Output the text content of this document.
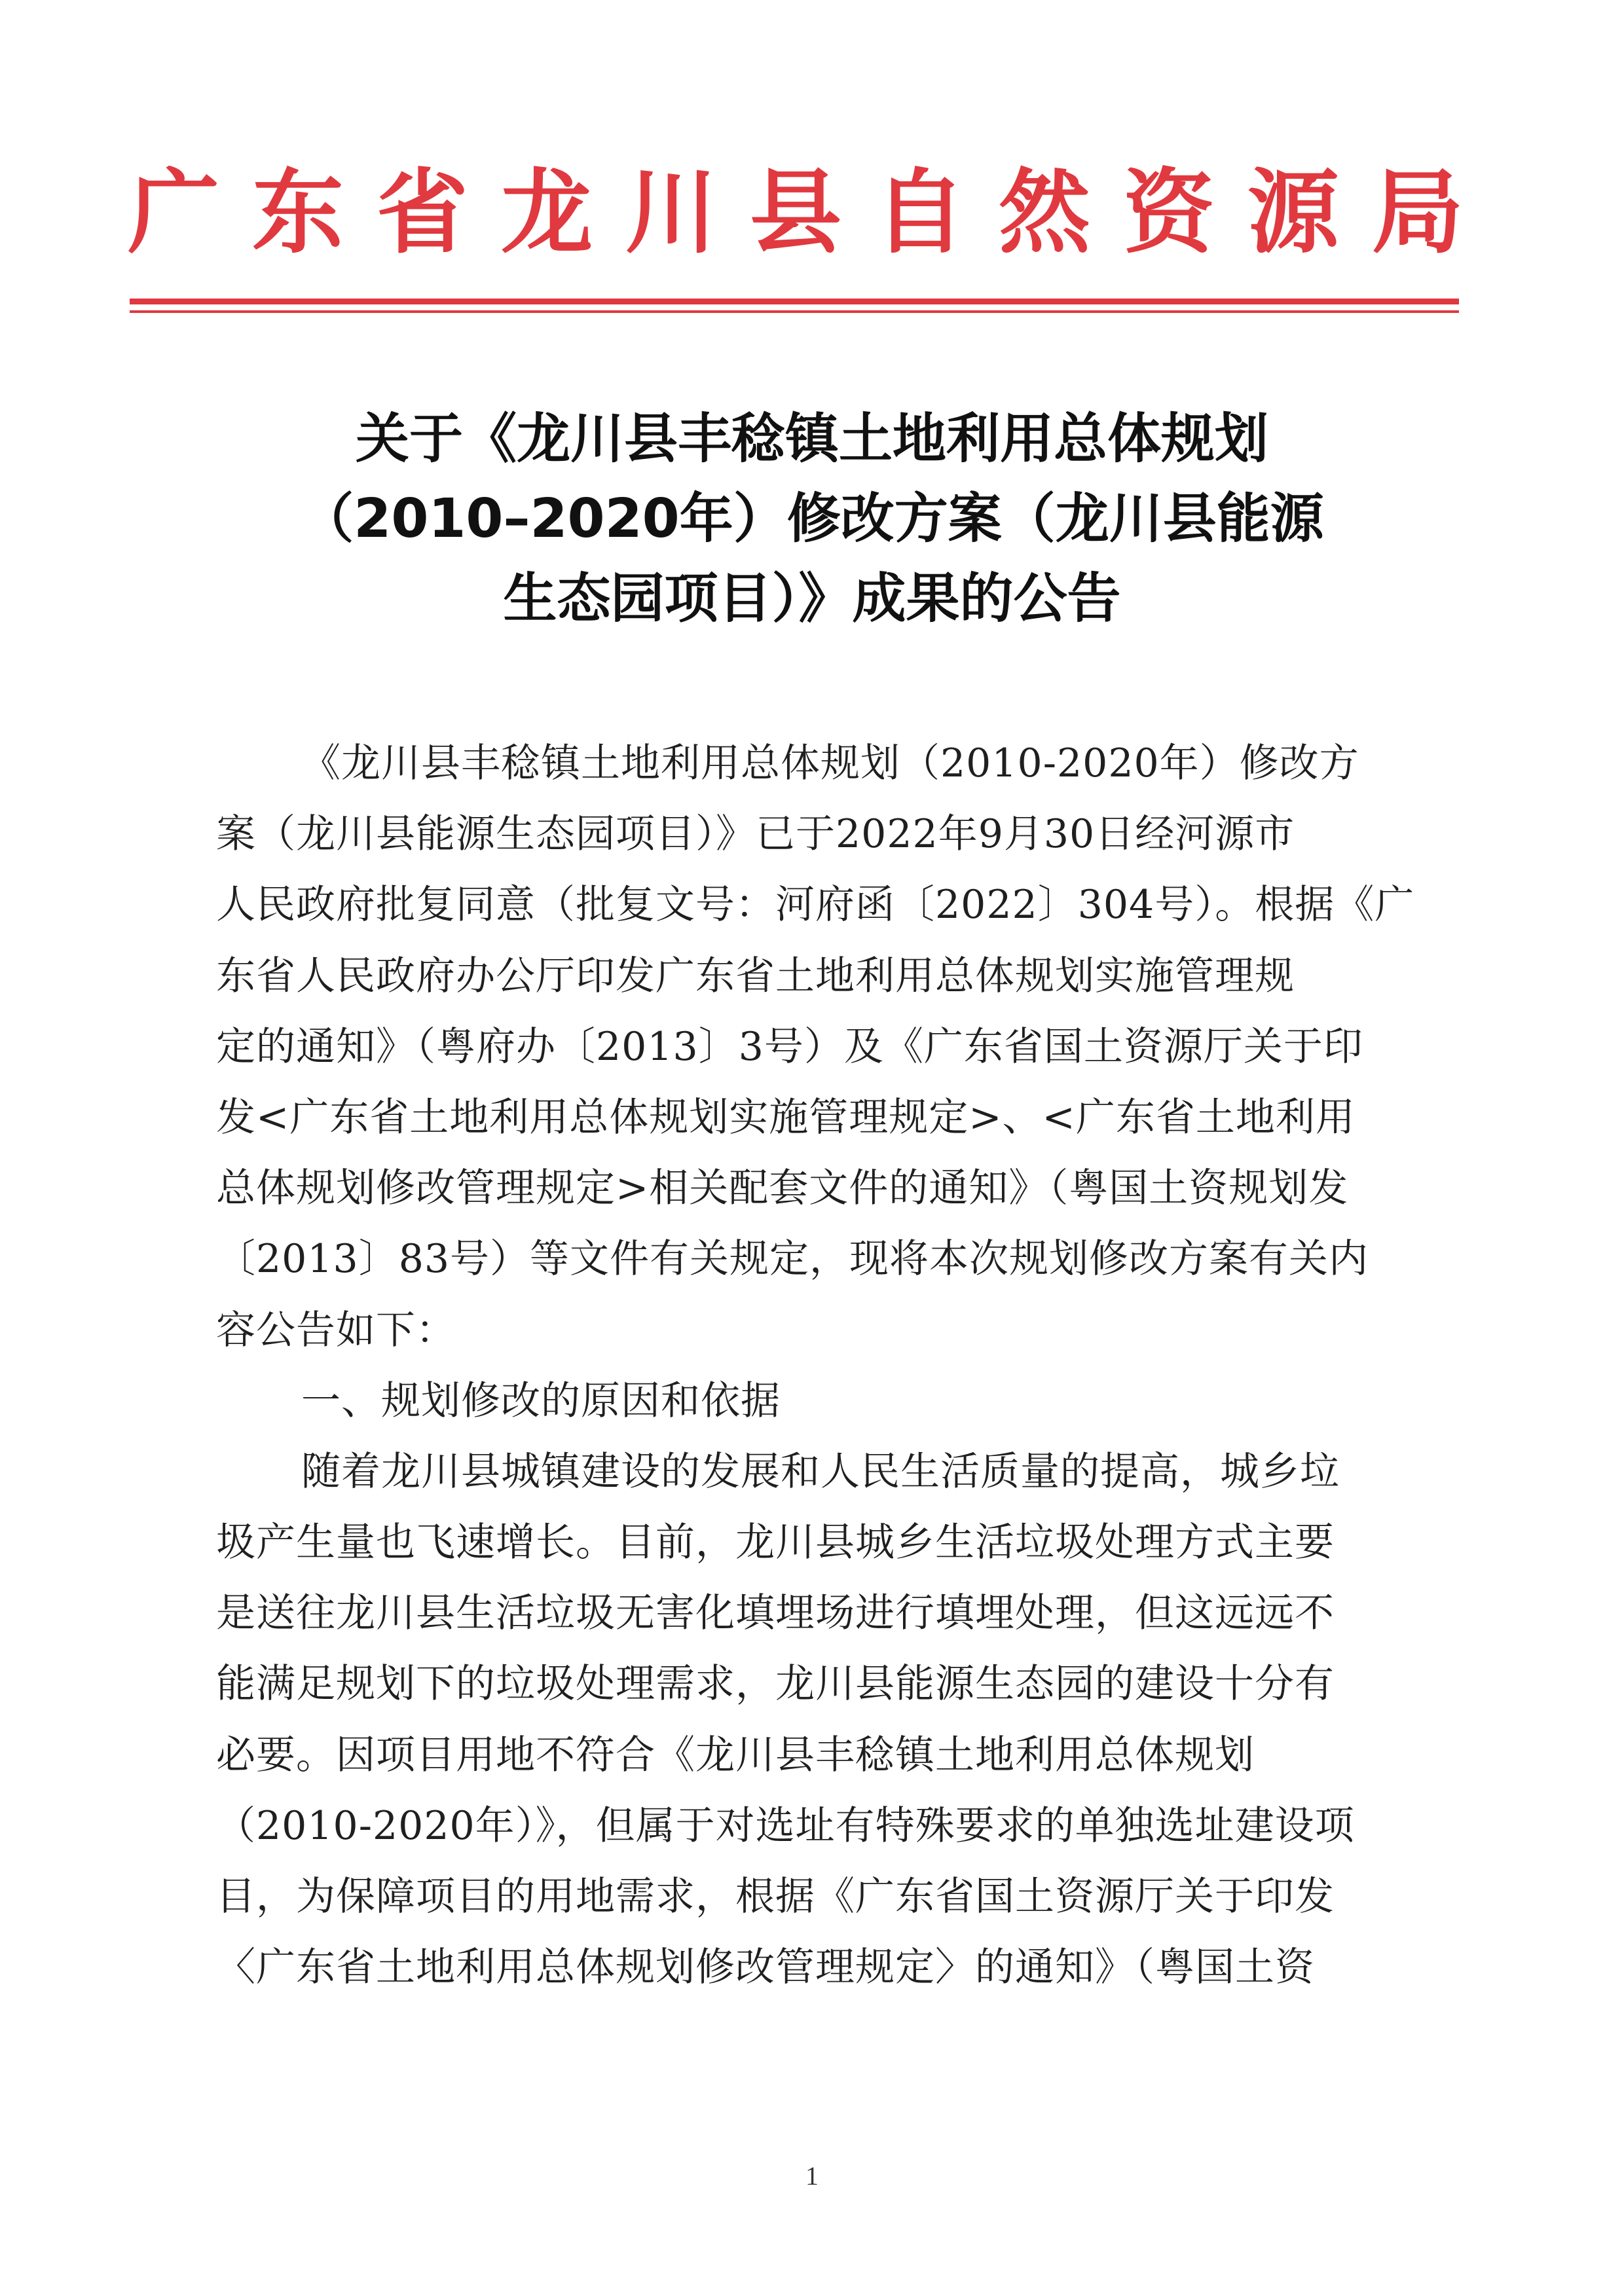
广 东 省 龙 川 县 自 然 资 源 局
关于《龙川县丰稔镇土地利用总体规划
（2010–2020年）修改方案（龙川县能源
生态园项目）》成果的公告
《龙川县丰稔镇土地利用总体规划（2010-2020年）修改方
案（龙川县能源生态园项目）》已于2022年9月30日经河源市
人民政府批复同意（批复文号：河府函〔2022〕304号）。根据《广
东省人民政府办公厅印发广东省土地利用总体规划实施管理规
定的通知》（粤府办〔2013〕3号）及《广东省国土资源厅关于印
发<广东省土地利用总体规划实施管理规定>、<广东省土地利用
总体规划修改管理规定>相关配套文件的通知》（粤国土资规划发
〔2013〕83号）等文件有关规定，现将本次规划修改方案有关内
容公告如下：
一、规划修改的原因和依据
随着龙川县城镇建设的发展和人民生活质量的提高，城乡垃
圾产生量也飞速增长。目前，龙川县城乡生活垃圾处理方式主要
是送往龙川县生活垃圾无害化填埋场进行填埋处理，但这远远不
能满足规划下的垃圾处理需求，龙川县能源生态园的建设十分有
必要。因项目用地不符合《龙川县丰稔镇土地利用总体规划
（2010-2020年）》，但属于对选址有特殊要求的单独选址建设项
目，为保障项目的用地需求，根据《广东省国土资源厅关于印发
〈广东省土地利用总体规划修改管理规定〉的通知》（粤国土资
1
